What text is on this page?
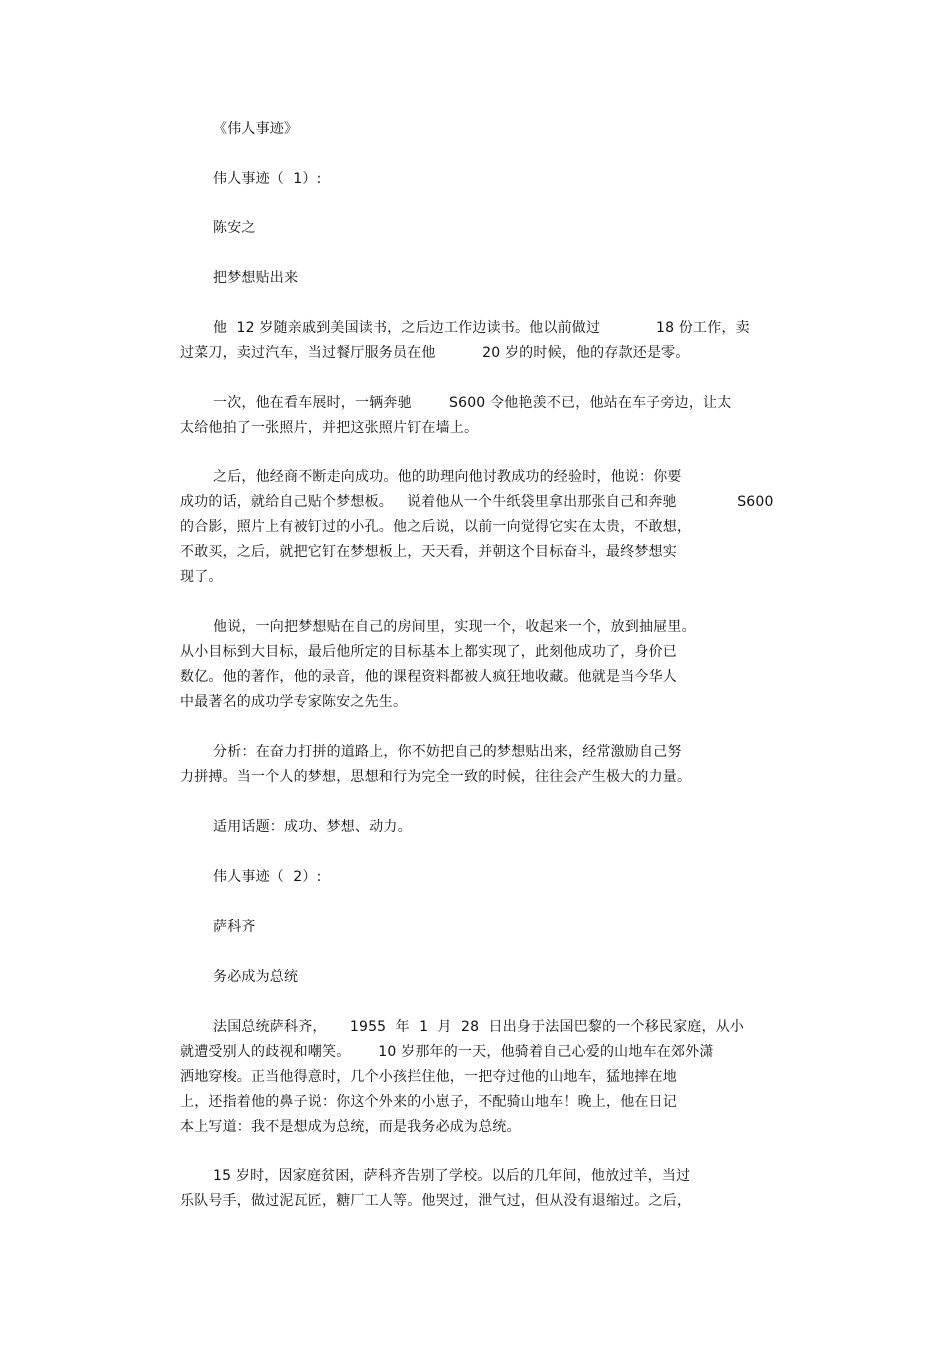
《伟人事迹》
伟人事迹（  1）:
陈安之
把梦想贴出来
他  12 岁随亲戚到美国读书，之后边工作边读书。他以前做过            18 份工作，卖
过菜刀，卖过汽车，当过餐厅服务员在他          20 岁的时候，他的存款还是零。
一次，他在看车展时，一辆奔驰        S600 令他艳羡不已，他站在车子旁边，让太
太给他拍了一张照片，并把这张照片钉在墙上。
之后，他经商不断走向成功。他的助理向他讨教成功的经验时，他说：你要
成功的话，就给自己贴个梦想板。   说着他从一个牛纸袋里拿出那张自己和奔驰             S600
的合影，照片上有被钉过的小孔。他之后说，以前一向觉得它实在太贵，不敢想，
不敢买，之后，就把它钉在梦想板上，天天看，并朝这个目标奋斗，最终梦想实
现了。
他说，一向把梦想贴在自己的房间里，实现一个，收起来一个，放到抽屉里。
从小目标到大目标，最后他所定的目标基本上都实现了，此刻他成功了，身价已
数亿。他的著作，他的录音，他的课程资料都被人疯狂地收藏。他就是当今华人
中最著名的成功学专家陈安之先生。
分析：在奋力打拼的道路上，你不妨把自己的梦想贴出来，经常激励自己努
力拼搏。当一个人的梦想，思想和行为完全一致的时候，往往会产生极大的力量。
适用话题：成功、梦想、动力。
伟人事迹（  2）:
萨科齐
务必成为总统
法国总统萨科齐，     1955  年  1  月  28  日出身于法国巴黎的一个移民家庭，从小
就遭受别人的歧视和嘲笑。      10 岁那年的一天，他骑着自己心爱的山地车在郊外潇
洒地穿梭。正当他得意时，几个小孩拦住他，一把夺过他的山地车，猛地摔在地
上，还指着他的鼻子说：你这个外来的小崽子，不配骑山地车！晚上，他在日记
本上写道：我不是想成为总统，而是我务必成为总统。
15 岁时，因家庭贫困，萨科齐告别了学校。以后的几年间，他放过羊，当过
乐队号手，做过泥瓦匠，糖厂工人等。他哭过，泄气过，但从没有退缩过。之后，
